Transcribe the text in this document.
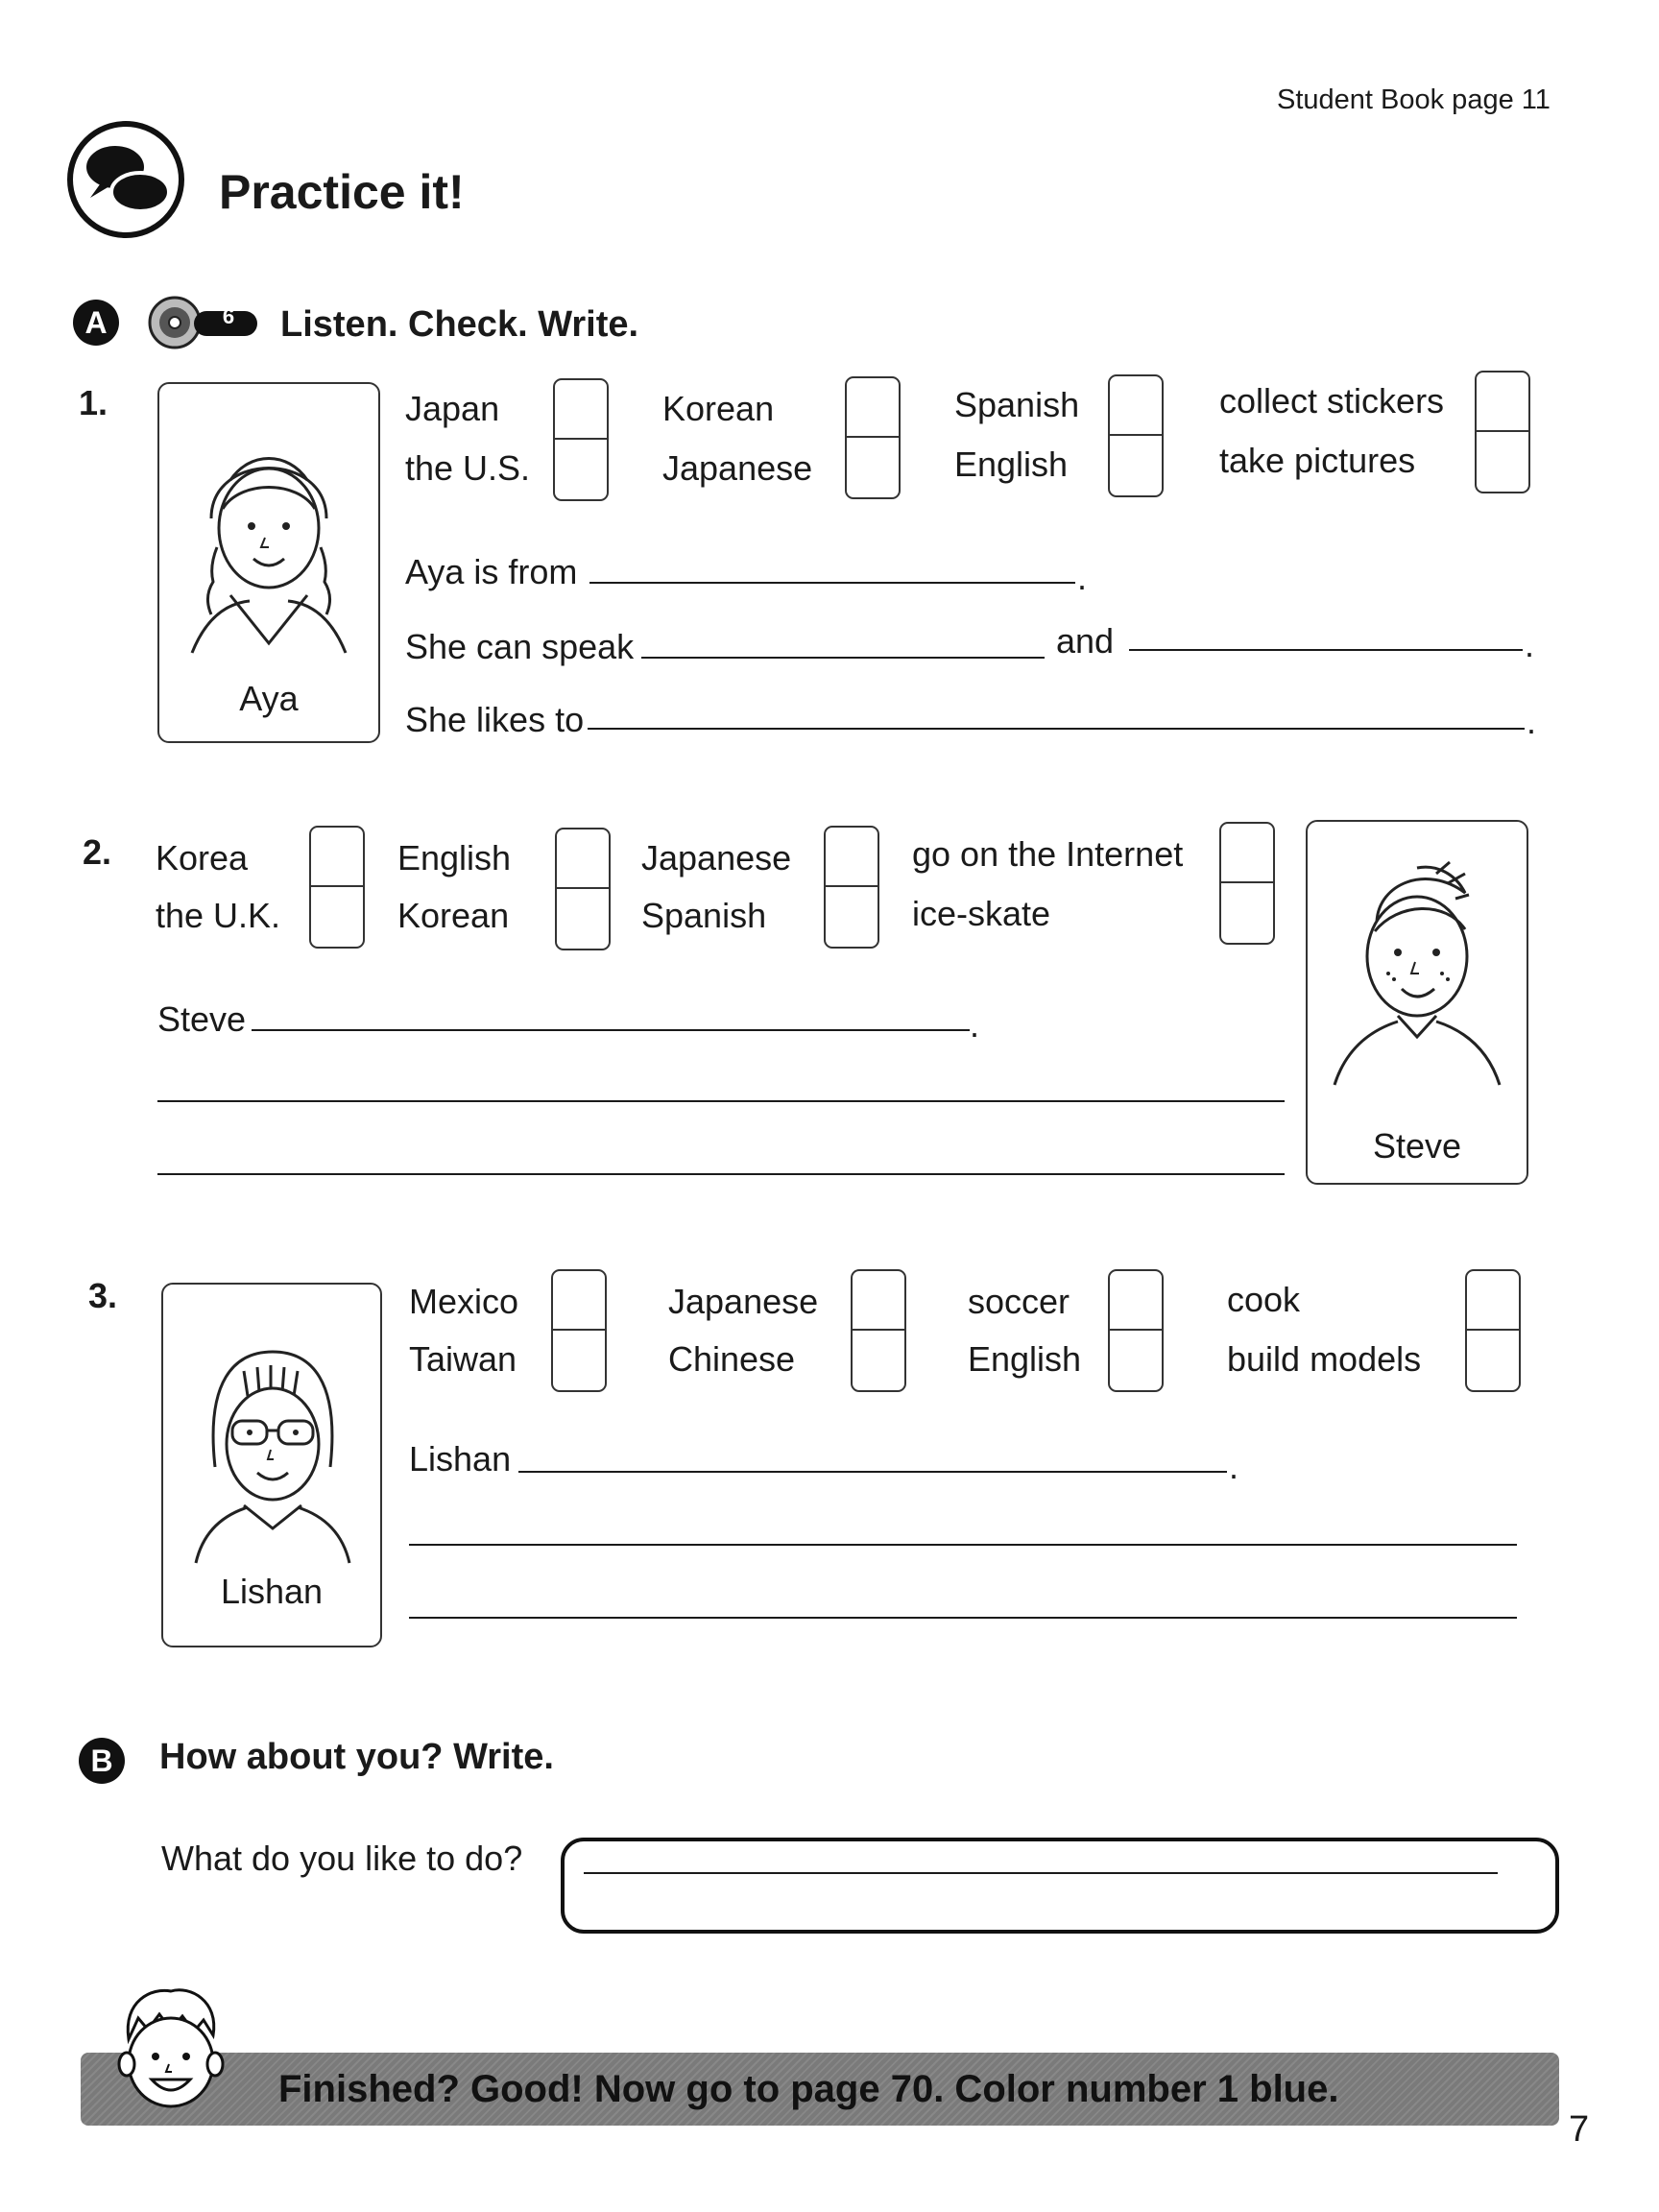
Student Book page 11
Practice it!
A	6	Listen. Check. Write.
1.
Aya
Japan
the U.S.
Korean
Japanese
Spanish
English
collect stickers
take pictures
Aya is from	.
She can speak	and	.
She likes to	.
2. Korea
the U.K.
English
Korean
Japanese
Spanish
go on the Internet
ice-skate
Steve
Steve	.
3.
Lishan
Mexico
Taiwan
Japanese
Chinese
soccer
English
cook
build models
Lishan	.
B	How about you? Write.
What do you like to do?
Finished? Good! Now go to page 70. Color number 1 blue.
7
